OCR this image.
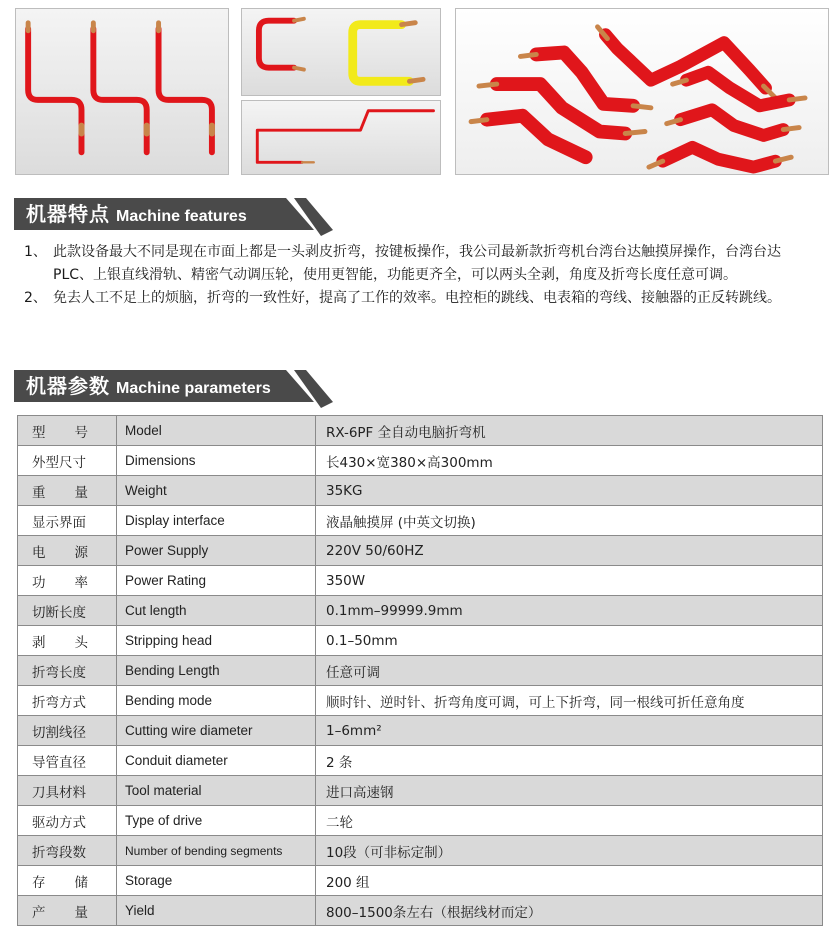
机器特点 Machine features
1、 此款设备最大不同是现在市面上都是一头剥皮折弯，按键板操作，我公司最新款折弯机台湾台达触摸屏操作，台湾台达PLC、上银直线滑轨、精密气动调压轮，使用更智能，功能更齐全，可以两头全剥，角度及折弯长度任意可调。
2、 免去人工不足上的烦脑，折弯的一致性好，提高了工作的效率。电控柜的跳线、电表箱的弯线、接触器的正反转跳线。
机器参数 Machine parameters
型 号	Model	RX-6PF 全自动电脑折弯机
外型尺寸	Dimensions	长430×宽380×高300mm

重 量	Weight	35KG
显示界面	Display interface	液晶触摸屏 (中英文切换)

电 源	Power Supply	220V 50/60HZ

功 率	Power Rating	350W
切断长度	Cut length	0.1mm–99999.9mm

剥 头	Stripping head	0.1–50mm
折弯长度	Bending Length	任意可调
折弯方式	Bending mode	顺时针、逆时针、折弯角度可调，可上下折弯，同一根线可折任意角度
切割线径	Cutting wire diameter	1–6mm²
导管直径	Conduit diameter	2 条
刀具材料	Tool material	进口高速钢
驱动方式	Type of drive	二轮
折弯段数	Number of bending segments	10段（可非标定制）

存 储	Storage	200 组

产 量	Yield	800–1500条左右（根据线材而定）
